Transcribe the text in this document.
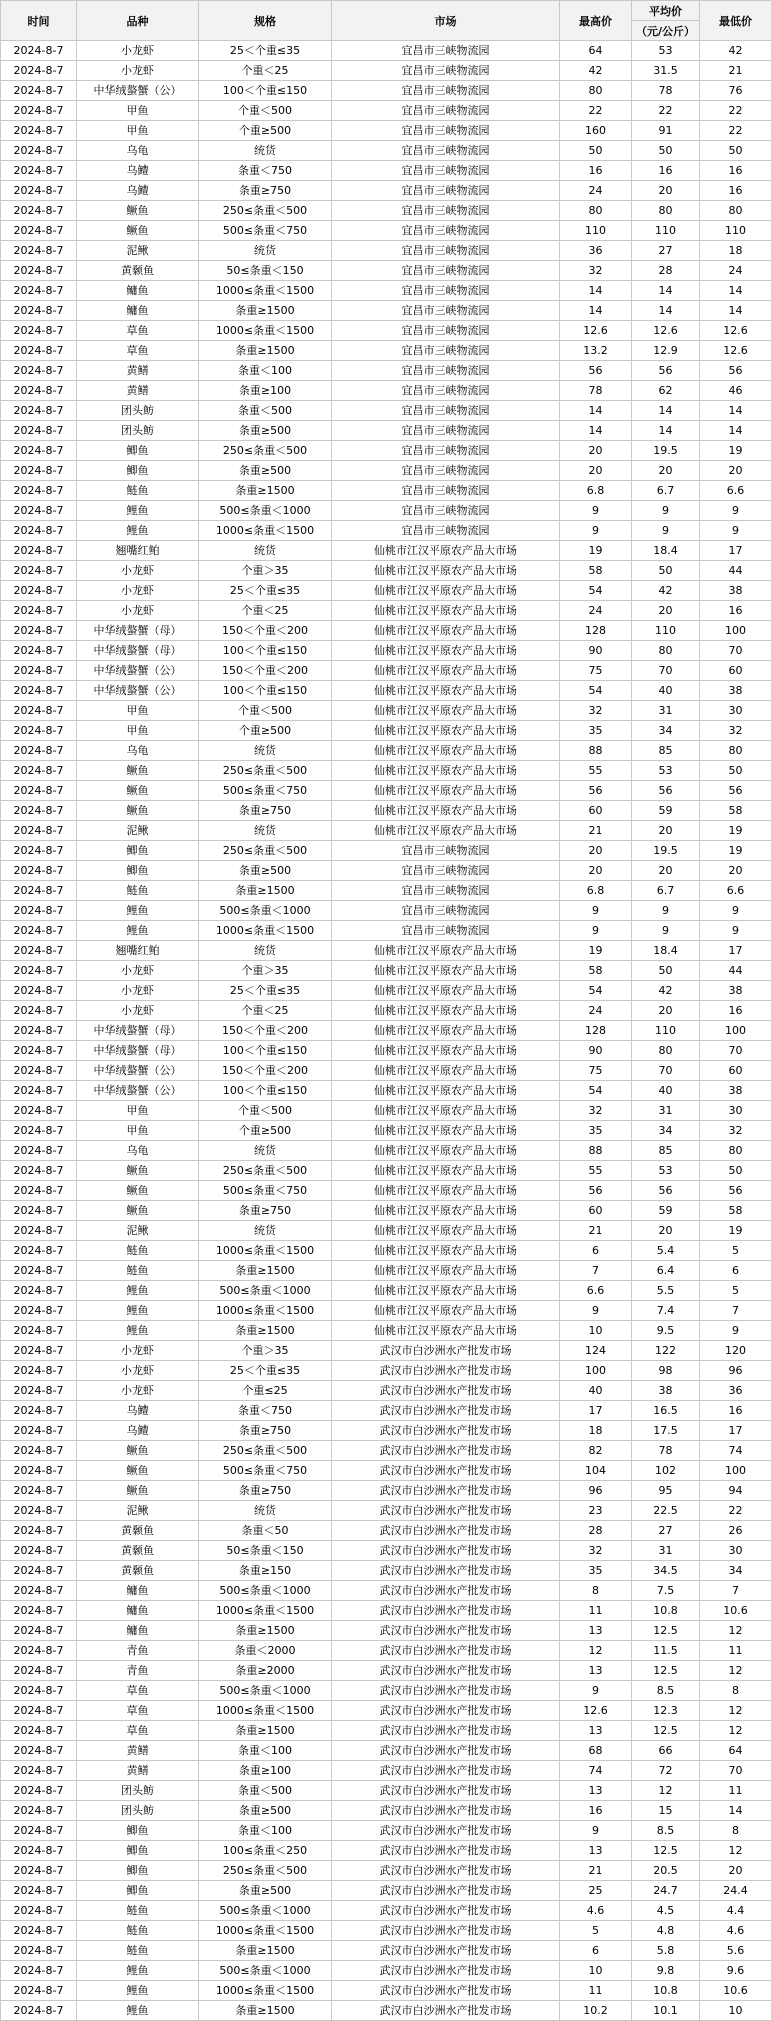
时间	品种	规格	市场	最高价	平均价	最低价
					（元/公斤）	
2024-8-7	小龙虾	25＜个重≤35	宜昌市三峡物流园	64	53	42
2024-8-7	小龙虾	个重＜25	宜昌市三峡物流园	42	31.5	21
2024-8-7	中华绒螯蟹（公）	100＜个重≤150	宜昌市三峡物流园	80	78	76
2024-8-7	甲鱼	个重＜500	宜昌市三峡物流园	22	22	22
2024-8-7	甲鱼	个重≥500	宜昌市三峡物流园	160	91	22
2024-8-7	乌龟	统货	宜昌市三峡物流园	50	50	50
2024-8-7	乌鳢	条重＜750	宜昌市三峡物流园	16	16	16
2024-8-7	乌鳢	条重≥750	宜昌市三峡物流园	24	20	16
2024-8-7	鳜鱼	250≤条重＜500	宜昌市三峡物流园	80	80	80
2024-8-7	鳜鱼	500≤条重＜750	宜昌市三峡物流园	110	110	110
2024-8-7	泥鳅	统货	宜昌市三峡物流园	36	27	18
2024-8-7	黄颡鱼	50≤条重＜150	宜昌市三峡物流园	32	28	24
2024-8-7	鳙鱼	1000≤条重＜1500	宜昌市三峡物流园	14	14	14
2024-8-7	鳙鱼	条重≥1500	宜昌市三峡物流园	14	14	14
2024-8-7	草鱼	1000≤条重＜1500	宜昌市三峡物流园	12.6	12.6	12.6
2024-8-7	草鱼	条重≥1500	宜昌市三峡物流园	13.2	12.9	12.6
2024-8-7	黄鳝	条重＜100	宜昌市三峡物流园	56	56	56
2024-8-7	黄鳝	条重≥100	宜昌市三峡物流园	78	62	46
2024-8-7	团头鲂	条重＜500	宜昌市三峡物流园	14	14	14
2024-8-7	团头鲂	条重≥500	宜昌市三峡物流园	14	14	14
2024-8-7	鲫鱼	250≤条重＜500	宜昌市三峡物流园	20	19.5	19
2024-8-7	鲫鱼	条重≥500	宜昌市三峡物流园	20	20	20
2024-8-7	鲢鱼	条重≥1500	宜昌市三峡物流园	6.8	6.7	6.6
2024-8-7	鲤鱼	500≤条重＜1000	宜昌市三峡物流园	9	9	9
2024-8-7	鲤鱼	1000≤条重＜1500	宜昌市三峡物流园	9	9	9
2024-8-7	翘嘴红鲌	统货	仙桃市江汉平原农产品大市场	19	18.4	17
2024-8-7	小龙虾	个重＞35	仙桃市江汉平原农产品大市场	58	50	44
2024-8-7	小龙虾	25＜个重≤35	仙桃市江汉平原农产品大市场	54	42	38
2024-8-7	小龙虾	个重＜25	仙桃市江汉平原农产品大市场	24	20	16
2024-8-7	中华绒螯蟹（母）	150＜个重＜200	仙桃市江汉平原农产品大市场	128	110	100
2024-8-7	中华绒螯蟹（母）	100＜个重≤150	仙桃市江汉平原农产品大市场	90	80	70
2024-8-7	中华绒螯蟹（公）	150＜个重＜200	仙桃市江汉平原农产品大市场	75	70	60
2024-8-7	中华绒螯蟹（公）	100＜个重≤150	仙桃市江汉平原农产品大市场	54	40	38
2024-8-7	甲鱼	个重＜500	仙桃市江汉平原农产品大市场	32	31	30
2024-8-7	甲鱼	个重≥500	仙桃市江汉平原农产品大市场	35	34	32
2024-8-7	乌龟	统货	仙桃市江汉平原农产品大市场	88	85	80
2024-8-7	鳜鱼	250≤条重＜500	仙桃市江汉平原农产品大市场	55	53	50
2024-8-7	鳜鱼	500≤条重＜750	仙桃市江汉平原农产品大市场	56	56	56
2024-8-7	鳜鱼	条重≥750	仙桃市江汉平原农产品大市场	60	59	58
2024-8-7	泥鳅	统货	仙桃市江汉平原农产品大市场	21	20	19
2024-8-7	鲫鱼	250≤条重＜500	宜昌市三峡物流园	20	19.5	19
2024-8-7	鲫鱼	条重≥500	宜昌市三峡物流园	20	20	20
2024-8-7	鲢鱼	条重≥1500	宜昌市三峡物流园	6.8	6.7	6.6
2024-8-7	鲤鱼	500≤条重＜1000	宜昌市三峡物流园	9	9	9
2024-8-7	鲤鱼	1000≤条重＜1500	宜昌市三峡物流园	9	9	9
2024-8-7	翘嘴红鲌	统货	仙桃市江汉平原农产品大市场	19	18.4	17
2024-8-7	小龙虾	个重＞35	仙桃市江汉平原农产品大市场	58	50	44
2024-8-7	小龙虾	25＜个重≤35	仙桃市江汉平原农产品大市场	54	42	38
2024-8-7	小龙虾	个重＜25	仙桃市江汉平原农产品大市场	24	20	16
2024-8-7	中华绒螯蟹（母）	150＜个重＜200	仙桃市江汉平原农产品大市场	128	110	100
2024-8-7	中华绒螯蟹（母）	100＜个重≤150	仙桃市江汉平原农产品大市场	90	80	70
2024-8-7	中华绒螯蟹（公）	150＜个重＜200	仙桃市江汉平原农产品大市场	75	70	60
2024-8-7	中华绒螯蟹（公）	100＜个重≤150	仙桃市江汉平原农产品大市场	54	40	38
2024-8-7	甲鱼	个重＜500	仙桃市江汉平原农产品大市场	32	31	30
2024-8-7	甲鱼	个重≥500	仙桃市江汉平原农产品大市场	35	34	32
2024-8-7	乌龟	统货	仙桃市江汉平原农产品大市场	88	85	80
2024-8-7	鳜鱼	250≤条重＜500	仙桃市江汉平原农产品大市场	55	53	50
2024-8-7	鳜鱼	500≤条重＜750	仙桃市江汉平原农产品大市场	56	56	56
2024-8-7	鳜鱼	条重≥750	仙桃市江汉平原农产品大市场	60	59	58
2024-8-7	泥鳅	统货	仙桃市江汉平原农产品大市场	21	20	19
2024-8-7	鲢鱼	1000≤条重＜1500	仙桃市江汉平原农产品大市场	6	5.4	5
2024-8-7	鲢鱼	条重≥1500	仙桃市江汉平原农产品大市场	7	6.4	6
2024-8-7	鲤鱼	500≤条重＜1000	仙桃市江汉平原农产品大市场	6.6	5.5	5
2024-8-7	鲤鱼	1000≤条重＜1500	仙桃市江汉平原农产品大市场	9	7.4	7
2024-8-7	鲤鱼	条重≥1500	仙桃市江汉平原农产品大市场	10	9.5	9
2024-8-7	小龙虾	个重＞35	武汉市白沙洲水产批发市场	124	122	120
2024-8-7	小龙虾	25＜个重≤35	武汉市白沙洲水产批发市场	100	98	96
2024-8-7	小龙虾	个重≤25	武汉市白沙洲水产批发市场	40	38	36
2024-8-7	乌鳢	条重＜750	武汉市白沙洲水产批发市场	17	16.5	16
2024-8-7	乌鳢	条重≥750	武汉市白沙洲水产批发市场	18	17.5	17
2024-8-7	鳜鱼	250≤条重＜500	武汉市白沙洲水产批发市场	82	78	74
2024-8-7	鳜鱼	500≤条重＜750	武汉市白沙洲水产批发市场	104	102	100
2024-8-7	鳜鱼	条重≥750	武汉市白沙洲水产批发市场	96	95	94
2024-8-7	泥鳅	统货	武汉市白沙洲水产批发市场	23	22.5	22
2024-8-7	黄颡鱼	条重＜50	武汉市白沙洲水产批发市场	28	27	26
2024-8-7	黄颡鱼	50≤条重＜150	武汉市白沙洲水产批发市场	32	31	30
2024-8-7	黄颡鱼	条重≥150	武汉市白沙洲水产批发市场	35	34.5	34
2024-8-7	鳙鱼	500≤条重＜1000	武汉市白沙洲水产批发市场	8	7.5	7
2024-8-7	鳙鱼	1000≤条重＜1500	武汉市白沙洲水产批发市场	11	10.8	10.6
2024-8-7	鳙鱼	条重≥1500	武汉市白沙洲水产批发市场	13	12.5	12
2024-8-7	青鱼	条重＜2000	武汉市白沙洲水产批发市场	12	11.5	11
2024-8-7	青鱼	条重≥2000	武汉市白沙洲水产批发市场	13	12.5	12
2024-8-7	草鱼	500≤条重＜1000	武汉市白沙洲水产批发市场	9	8.5	8
2024-8-7	草鱼	1000≤条重＜1500	武汉市白沙洲水产批发市场	12.6	12.3	12
2024-8-7	草鱼	条重≥1500	武汉市白沙洲水产批发市场	13	12.5	12
2024-8-7	黄鳝	条重＜100	武汉市白沙洲水产批发市场	68	66	64
2024-8-7	黄鳝	条重≥100	武汉市白沙洲水产批发市场	74	72	70
2024-8-7	团头鲂	条重＜500	武汉市白沙洲水产批发市场	13	12	11
2024-8-7	团头鲂	条重≥500	武汉市白沙洲水产批发市场	16	15	14
2024-8-7	鲫鱼	条重＜100	武汉市白沙洲水产批发市场	9	8.5	8
2024-8-7	鲫鱼	100≤条重＜250	武汉市白沙洲水产批发市场	13	12.5	12
2024-8-7	鲫鱼	250≤条重＜500	武汉市白沙洲水产批发市场	21	20.5	20
2024-8-7	鲫鱼	条重≥500	武汉市白沙洲水产批发市场	25	24.7	24.4
2024-8-7	鲢鱼	500≤条重＜1000	武汉市白沙洲水产批发市场	4.6	4.5	4.4
2024-8-7	鲢鱼	1000≤条重＜1500	武汉市白沙洲水产批发市场	5	4.8	4.6
2024-8-7	鲢鱼	条重≥1500	武汉市白沙洲水产批发市场	6	5.8	5.6
2024-8-7	鲤鱼	500≤条重＜1000	武汉市白沙洲水产批发市场	10	9.8	9.6
2024-8-7	鲤鱼	1000≤条重＜1500	武汉市白沙洲水产批发市场	11	10.8	10.6
2024-8-7	鲤鱼	条重≥1500	武汉市白沙洲水产批发市场	10.2	10.1	10
